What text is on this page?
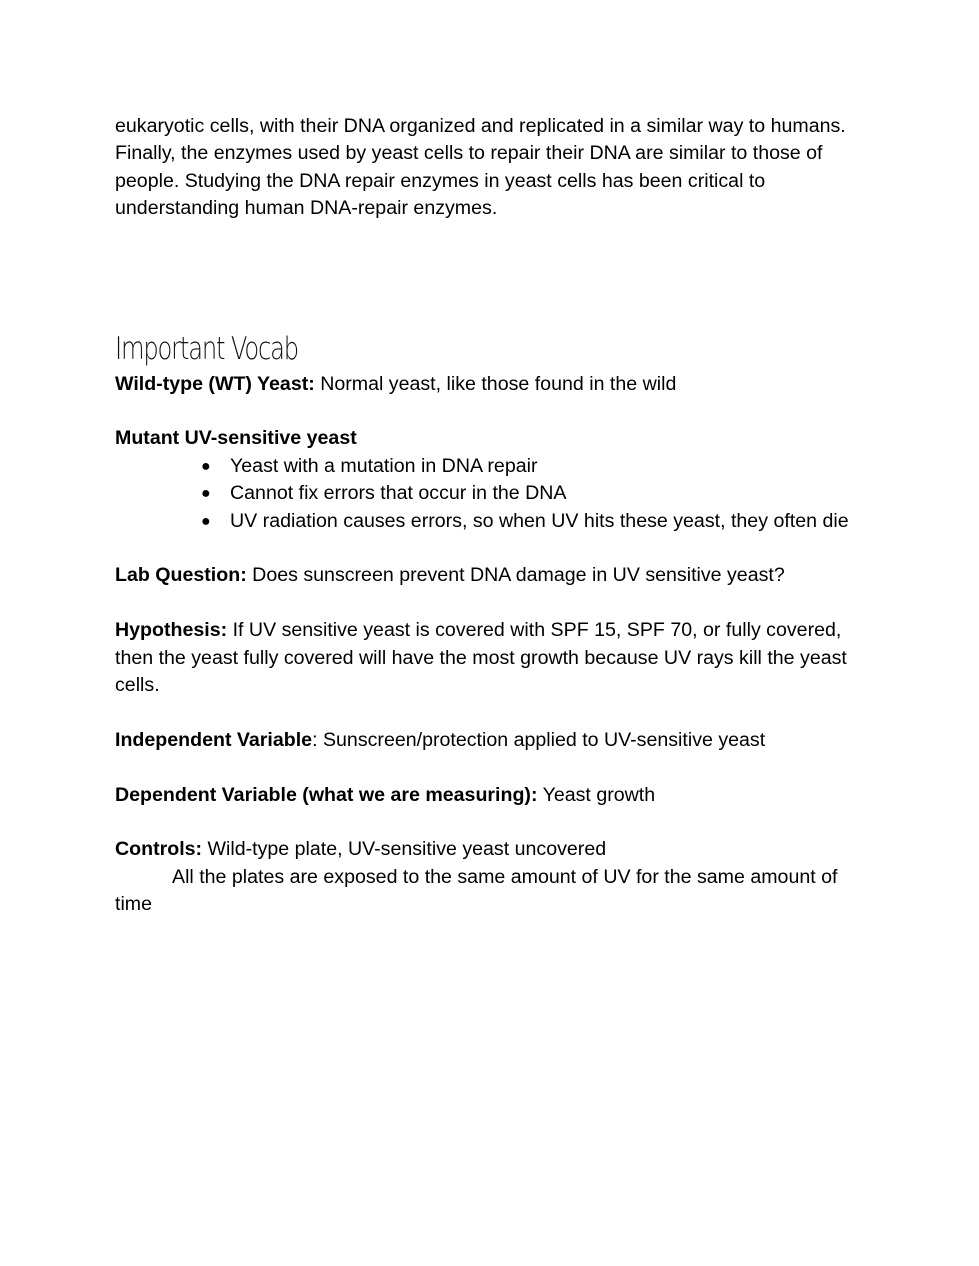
eukaryotic cells, with their DNA organized and replicated in a similar way to humans. Finally, the enzymes used by yeast cells to repair their DNA are similar to those of people. Studying the DNA repair enzymes in yeast cells has been critical to understanding human DNA-repair enzymes.

Important Vocab

Wild-type (WT) Yeast: Normal yeast, like those found in the wild

Mutant UV-sensitive yeast

● Yeast with a mutation in DNA repair
● Cannot fix errors that occur in the DNA
● UV radiation causes errors, so when UV hits these yeast, they often die

Lab Question: Does sunscreen prevent DNA damage in UV sensitive yeast?

Hypothesis: If UV sensitive yeast is covered with SPF 15, SPF 70, or fully covered, then the yeast fully covered will have the most growth because UV rays kill the yeast cells.

Independent Variable: Sunscreen/protection applied to UV-sensitive yeast

Dependent Variable (what we are measuring): Yeast growth

Controls: Wild-type plate, UV-sensitive yeast uncovered

All the plates are exposed to the same amount of UV for the same amount of time
